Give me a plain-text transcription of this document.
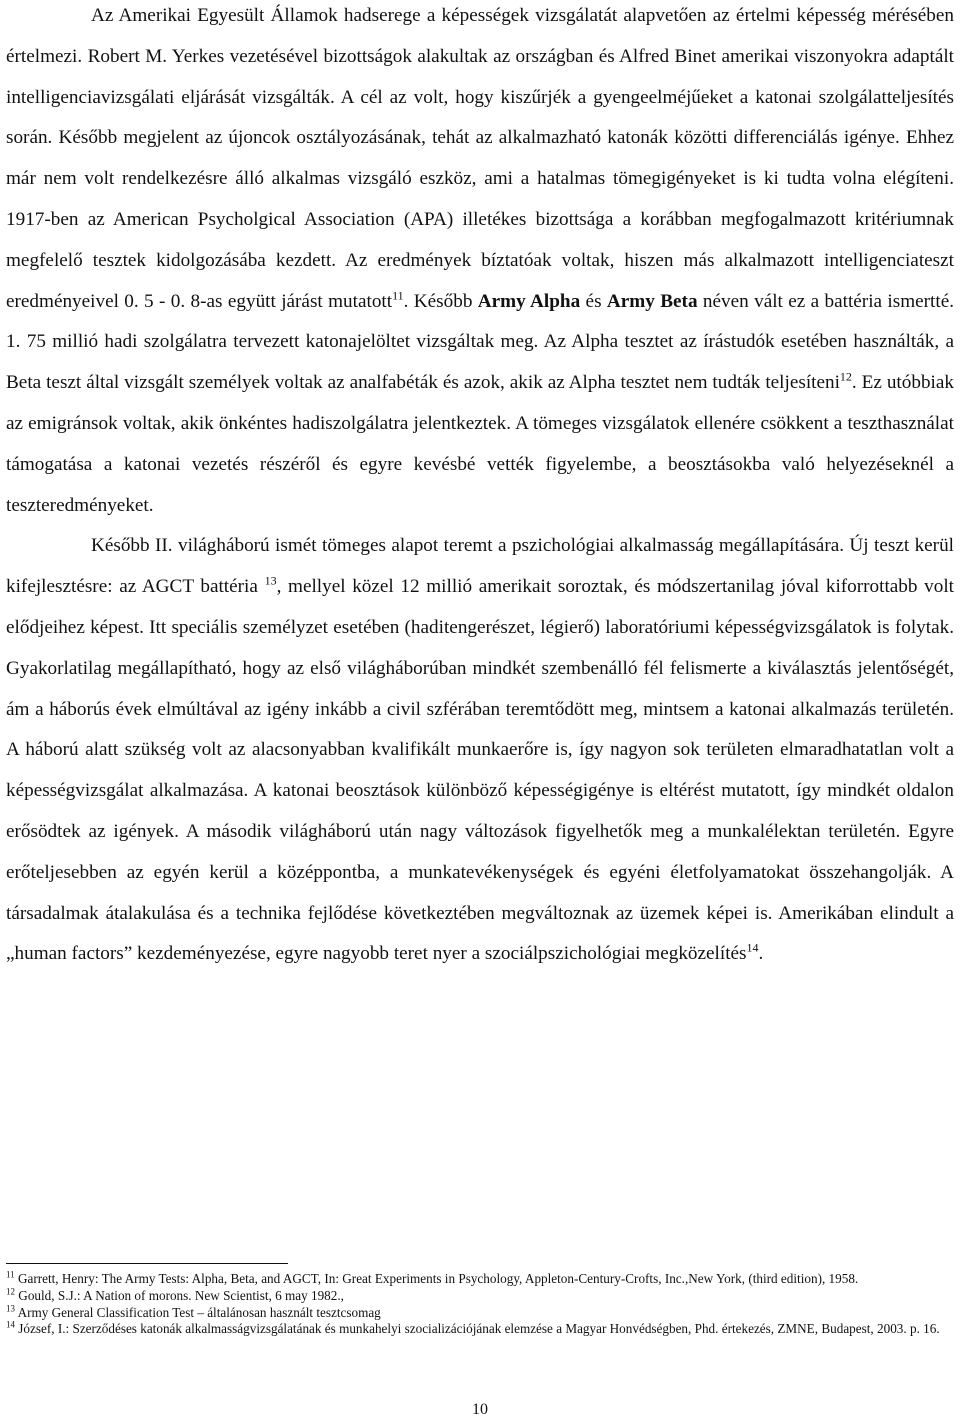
Az Amerikai Egyesült Államok hadserege a képességek vizsgálatát alapvetően az értelmi képesség mérésében értelmezi. Robert M. Yerkes vezetésével bizottságok alakultak az országban és Alfred Binet amerikai viszonyokra adaptált intelligenciavizsgálati eljárását vizsgálták. A cél az volt, hogy kiszűrjék a gyengeelméjűeket a katonai szolgálatteljesítés során. Később megjelent az újoncok osztályozásának, tehát az alkalmazható katonák közötti differenciálás igénye. Ehhez már nem volt rendelkezésre álló alkalmas vizsgáló eszköz, ami a hatalmas tömegigényeket is ki tudta volna elégíteni. 1917-ben az American Psycholgical Association (APA) illetékes bizottsága a korábban megfogalmazott kritériumnak megfelelő tesztek kidolgozásába kezdett. Az eredmények bíztatóak voltak, hiszen más alkalmazott intelligenciateszt eredményeivel 0. 5 - 0. 8-as együtt járást mutatott$^{11}$. Később Army Alpha és Army Beta néven vált ez a battéria ismertté. 1. 75 millió hadi szolgálatra tervezett katonajelöltet vizsgáltak meg. Az Alpha tesztet az írástudók esetében használták, a Beta teszt által vizsgált személyek voltak az analfabéták és azok, akik az Alpha tesztet nem tudták teljesíteni$^{12}$. Ez utóbbiak az emigránsok voltak, akik önkéntes hadiszolgálatra jelentkeztek. A tömeges vizsgálatok ellenére csökkent a teszthasználat támogatása a katonai vezetés részéről és egyre kevésbé vették figyelembe, a beosztásokba való helyezéseknél a teszteredményeket.

Később II. világháború ismét tömeges alapot teremt a pszichológiai alkalmasság megállapítására. Új teszt kerül kifejlesztésre: az AGCT battéria $^{13}$, mellyel közel 12 millió amerikait soroztak, és módszertanilag jóval kiforrottabb volt elődjeihez képest. Itt speciális személyzet esetében (haditengerészet, légierő) laboratóriumi képességvizsgálatok is folytak. Gyakorlatilag megállapítható, hogy az első világháborúban mindkét szembenálló fél felismerte a kiválasztás jelentőségét, ám a háborús évek elmúltával az igény inkább a civil szférában teremtődött meg, mintsem a katonai alkalmazás területén. A háború alatt szükség volt az alacsonyabban kvalifikált munkaerőre is, így nagyon sok területen elmaradhatatlan volt a képességvizsgálat alkalmazása. A katonai beosztások különböző képességigénye is eltérést mutatott, így mindkét oldalon erősödtek az igények. A második világháború után nagy változások figyelhetők meg a munkalélektan területén. Egyre erőteljesebben az egyén kerül a középpontba, a munkatevékenységek és egyéni életfolyamatokat összehangolják. A társadalmak átalakulása és a technika fejlődése következtében megváltoznak az üzemek képei is. Amerikában elindult a „human factors” kezdeményezése, egyre nagyobb teret nyer a szociálpszichológiai megközelítés$^{14}$.

$^{11}$ Garrett, Henry: The Army Tests: Alpha, Beta, and AGCT, In: Great Experiments in Psychology, Appleton-Century-Crofts, Inc.,New York, (third edition), 1958.

$^{12}$ Gould, S.J.: A Nation of morons. New Scientist, 6 may 1982.,

$^{13}$ Army General Classification Test – általánosan használt tesztcsomag

$^{14}$ József, I.: Szerződéses katonák alkalmasságvizsgálatának és munkahelyi szocializációjának elemzése a Magyar Honvédségben, Phd. értekezés, ZMNE, Budapest, 2003. p. 16.

10
